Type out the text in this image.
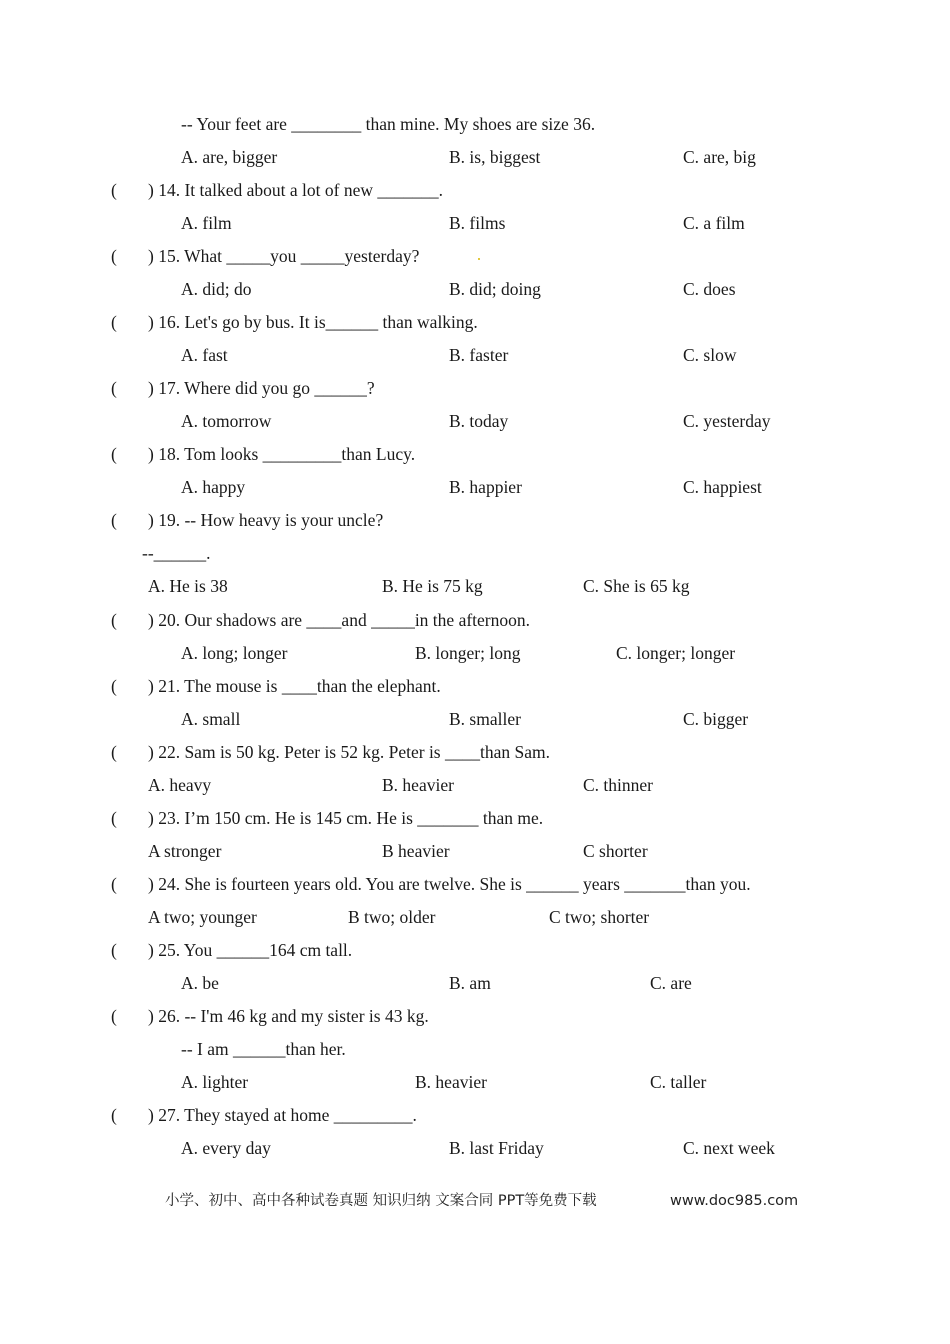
-- Your feet are ________ than mine. My shoes are size 36.
A. are, bigger	B. is, biggest	C. are, big
( ) 14. It talked about a lot of new _______.
A. film	B. films	C. a film
( ) 15. What _____you _____yesterday?
A. did; do	B. did; doing	C. does
( ) 16. Let's go by bus. It is______ than walking.
A. fast	B. faster	C. slow
( ) 17. Where did you go ______?
A. tomorrow	B. today	C. yesterday
( ) 18. Tom looks _________than Lucy.
A. happy	B. happier	C. happiest
( ) 19. -- How heavy is your uncle?
--______.
A. He is 38	B. He is 75 kg	C. She is 65 kg
( ) 20. Our shadows are ____and _____in the afternoon.
A. long; longer	B. longer; long	C. longer; longer
( ) 21. The mouse is ____than the elephant.
A. small	B. smaller	C. bigger
( ) 22. Sam is 50 kg. Peter is 52 kg. Peter is ____than Sam.
A. heavy	B. heavier	C. thinner
( ) 23. I’m 150 cm. He is 145 cm. He is _______ than me.
A stronger	B heavier	C shorter
( ) 24. She is fourteen years old. You are twelve. She is ______ years _______than you.
A two; younger	B two; older	C two; shorter
( ) 25. You ______164 cm tall.
A. be	B. am	C. are
( ) 26. -- I'm 46 kg and my sister is 43 kg.
-- I am ______than her.
A. lighter	B. heavier	C. taller
( ) 27. They stayed at home _________.
A. every day	B. last Friday	C. next week
小学、初中、高中各种试卷真题 知识归纳 文案合同 PPT等免费下载	www.doc985.com
